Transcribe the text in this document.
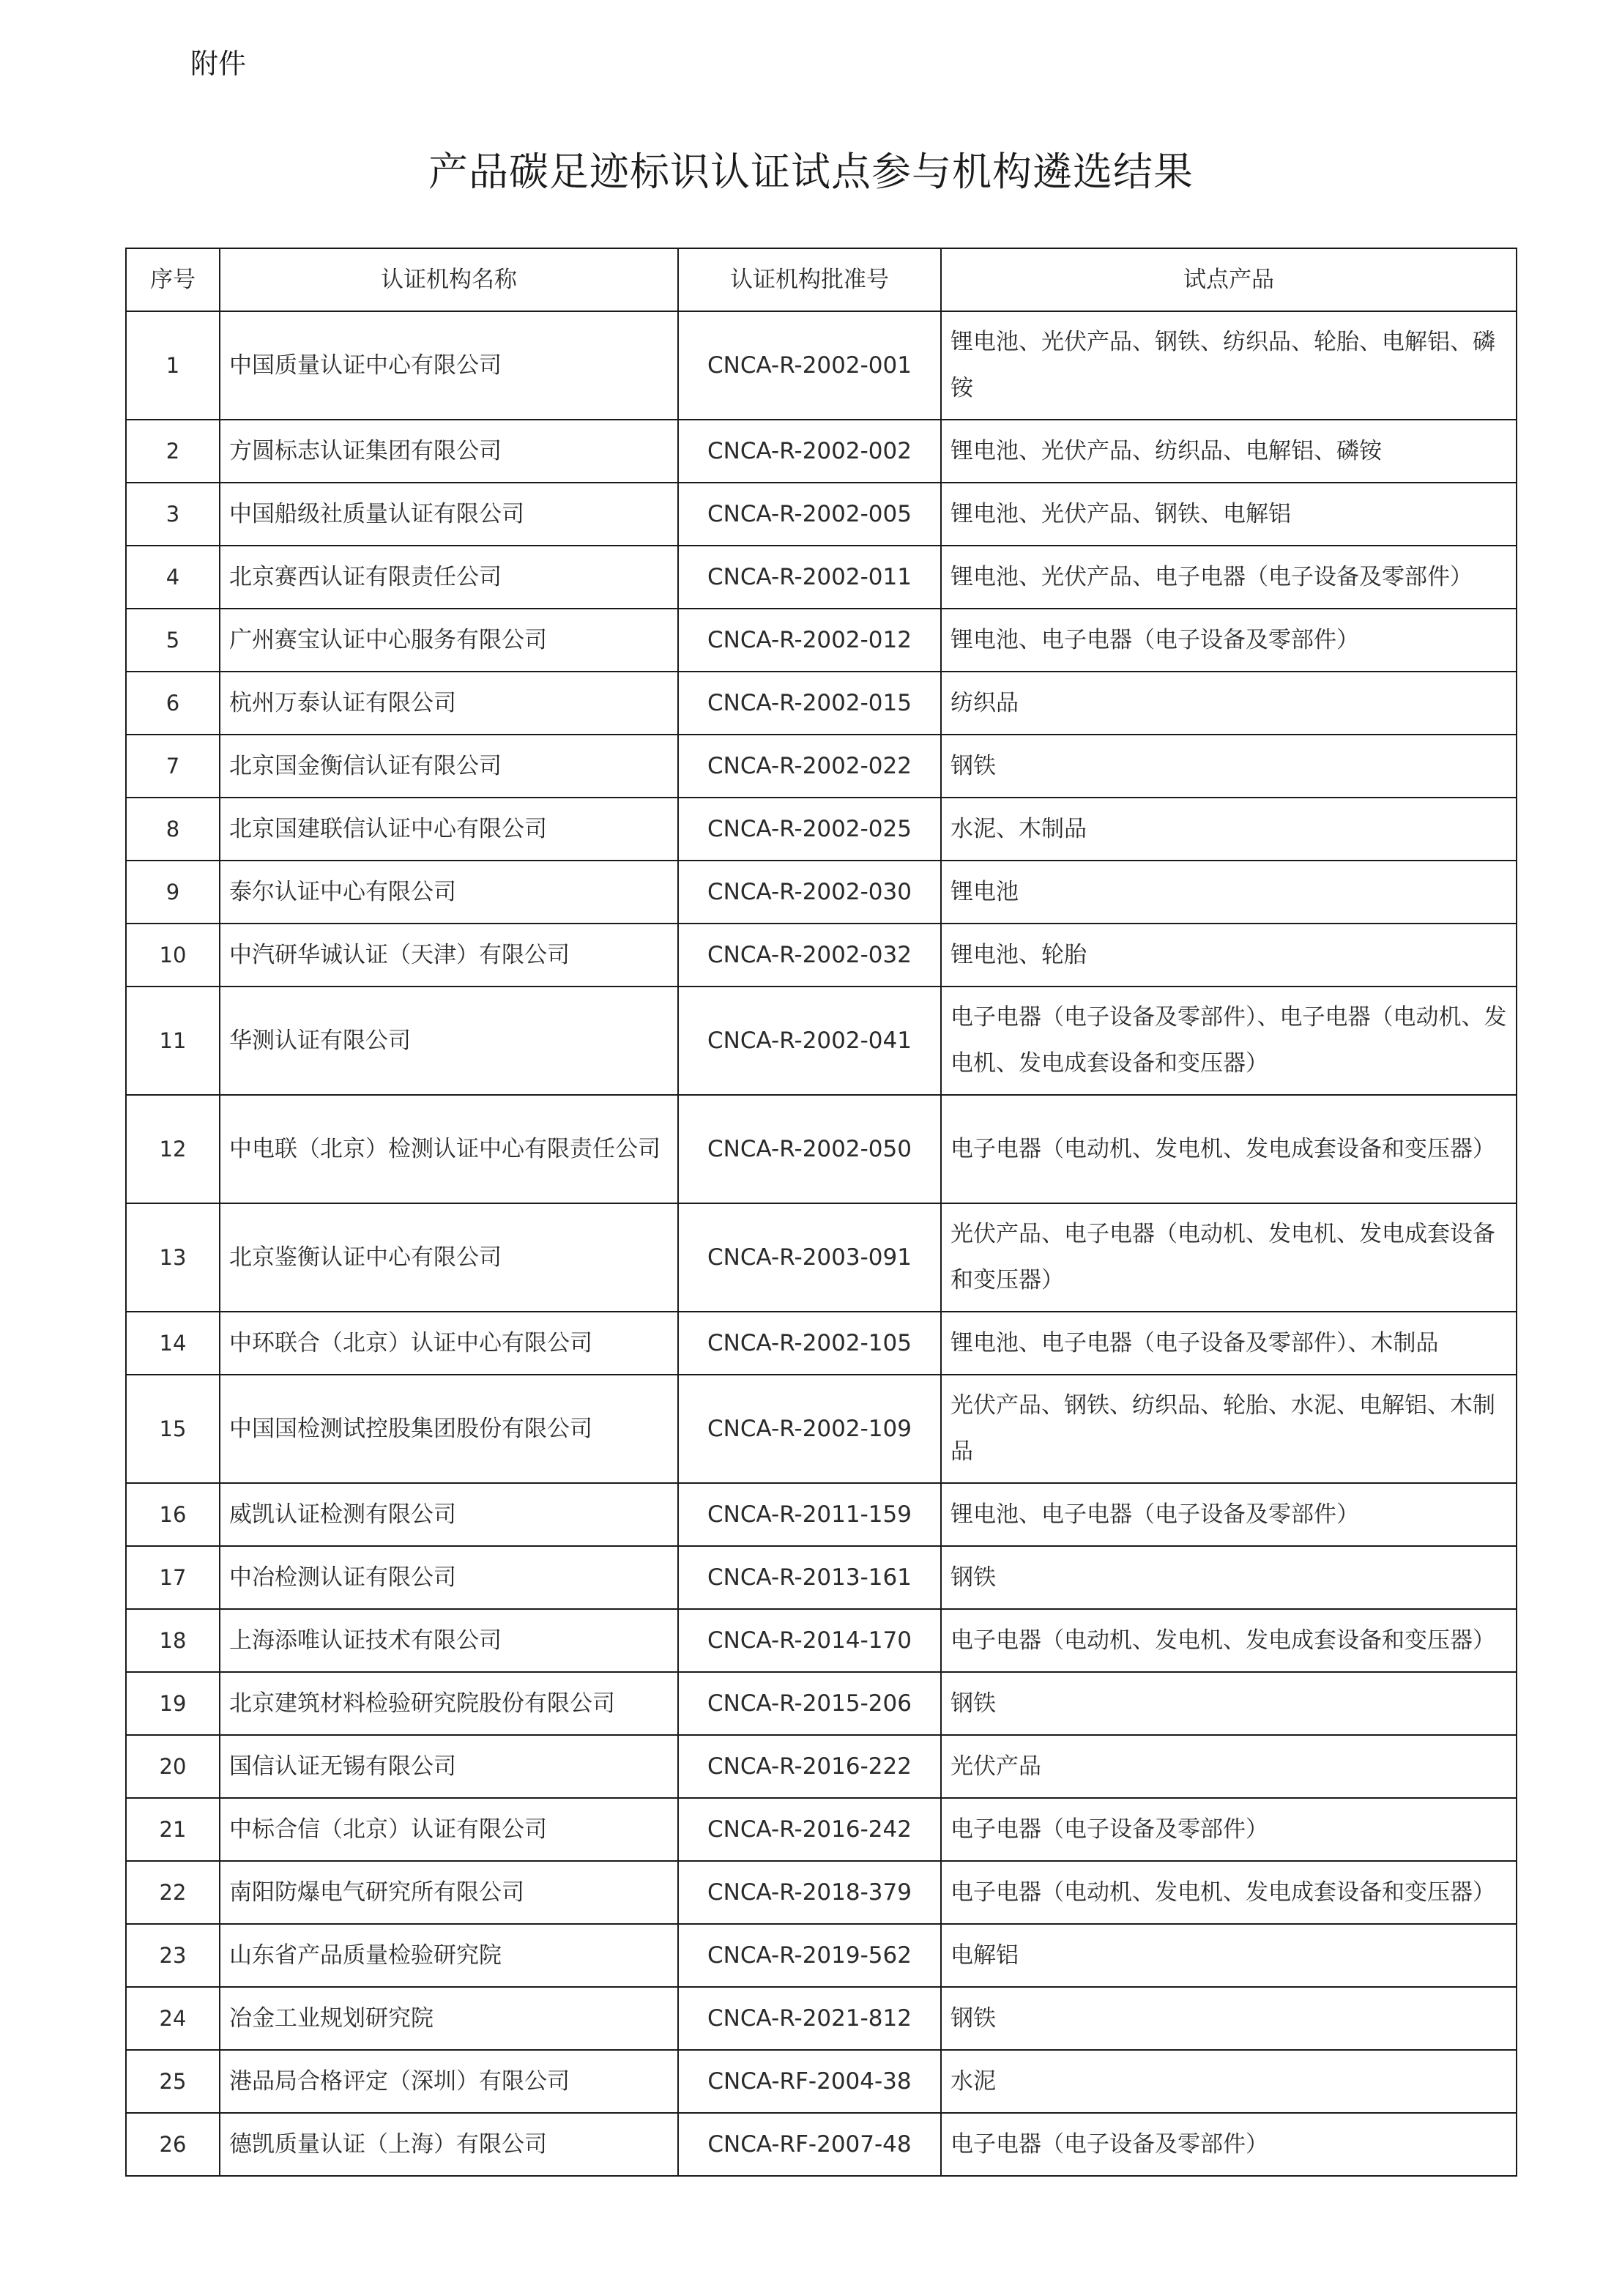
附件
产品碳足迹标识认证试点参与机构遴选结果
序号	认证机构名称	认证机构批准号	试点产品
1	中国质量认证中心有限公司	CNCA-R-2002-001	锂电池、光伏产品、钢铁、纺织品、轮胎、电解铝、磷铵
2	方圆标志认证集团有限公司	CNCA-R-2002-002	锂电池、光伏产品、纺织品、电解铝、磷铵
3	中国船级社质量认证有限公司	CNCA-R-2002-005	锂电池、光伏产品、钢铁、电解铝
4	北京赛西认证有限责任公司	CNCA-R-2002-011	锂电池、光伏产品、电子电器（电子设备及零部件）
5	广州赛宝认证中心服务有限公司	CNCA-R-2002-012	锂电池、电子电器（电子设备及零部件）
6	杭州万泰认证有限公司	CNCA-R-2002-015	纺织品
7	北京国金衡信认证有限公司	CNCA-R-2002-022	钢铁
8	北京国建联信认证中心有限公司	CNCA-R-2002-025	水泥、木制品
9	泰尔认证中心有限公司	CNCA-R-2002-030	锂电池
10	中汽研华诚认证（天津）有限公司	CNCA-R-2002-032	锂电池、轮胎
11	华测认证有限公司	CNCA-R-2002-041	电子电器（电子设备及零部件）、电子电器（电动机、发电机、发电成套设备和变压器）
12	中电联（北京）检测认证中心有限责任公司	CNCA-R-2002-050	电子电器（电动机、发电机、发电成套设备和变压器）
13	北京鉴衡认证中心有限公司	CNCA-R-2003-091	光伏产品、电子电器（电动机、发电机、发电成套设备和变压器）
14	中环联合（北京）认证中心有限公司	CNCA-R-2002-105	锂电池、电子电器（电子设备及零部件）、木制品
15	中国国检测试控股集团股份有限公司	CNCA-R-2002-109	光伏产品、钢铁、纺织品、轮胎、水泥、电解铝、木制品
16	威凯认证检测有限公司	CNCA-R-2011-159	锂电池、电子电器（电子设备及零部件）
17	中冶检测认证有限公司	CNCA-R-2013-161	钢铁
18	上海添唯认证技术有限公司	CNCA-R-2014-170	电子电器（电动机、发电机、发电成套设备和变压器）
19	北京建筑材料检验研究院股份有限公司	CNCA-R-2015-206	钢铁
20	国信认证无锡有限公司	CNCA-R-2016-222	光伏产品
21	中标合信（北京）认证有限公司	CNCA-R-2016-242	电子电器（电子设备及零部件）
22	南阳防爆电气研究所有限公司	CNCA-R-2018-379	电子电器（电动机、发电机、发电成套设备和变压器）
23	山东省产品质量检验研究院	CNCA-R-2019-562	电解铝
24	冶金工业规划研究院	CNCA-R-2021-812	钢铁
25	港品局合格评定（深圳）有限公司	CNCA-RF-2004-38	水泥
26	德凯质量认证（上海）有限公司	CNCA-RF-2007-48	电子电器（电子设备及零部件）
